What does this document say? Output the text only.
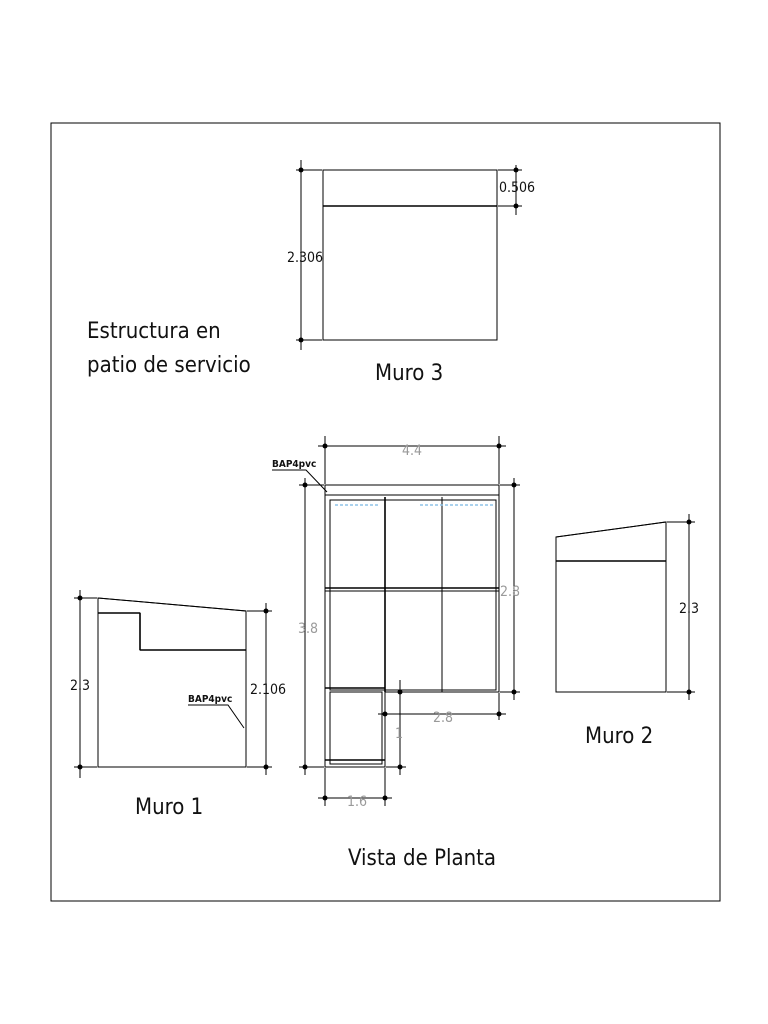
Estructura en
patio de servicio
2.306
0.506
Muro 3
2.3	2.106
BAP4pvc
Muro 1
2.3
Muro 2
4.4
3.8
2.8
2.8
1
1.6
BAP4pvc
Vista de Planta
